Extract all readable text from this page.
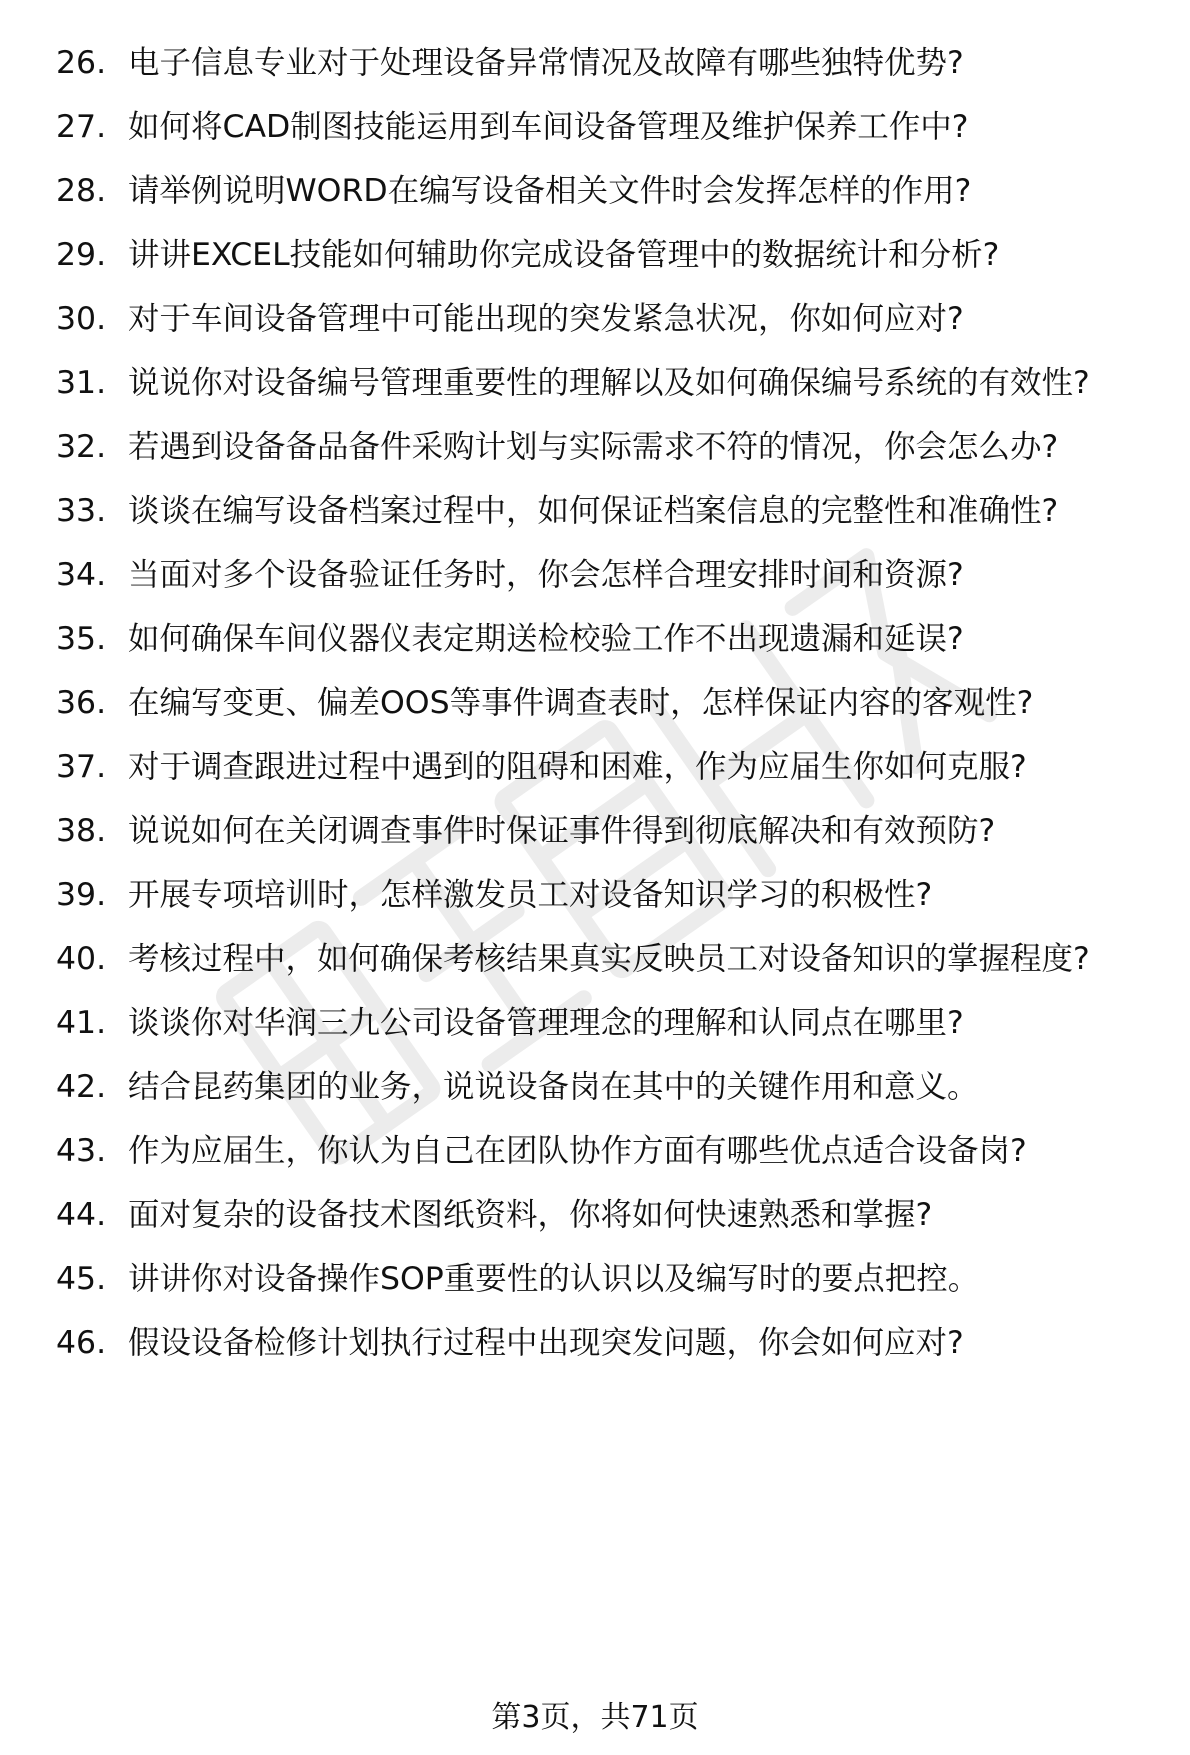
26. 电子信息专业对于处理设备异常情况及故障有哪些独特优势?
27. 如何将CAD制图技能运用到车间设备管理及维护保养工作中?
28. 请举例说明WORD在编写设备相关文件时会发挥怎样的作用?
29. 讲讲EXCEL技能如何辅助你完成设备管理中的数据统计和分析?
30. 对于车间设备管理中可能出现的突发紧急状况，你如何应对?
31. 说说你对设备编号管理重要性的理解以及如何确保编号系统的有效性?
32. 若遇到设备备品备件采购计划与实际需求不符的情况，你会怎么办?
33. 谈谈在编写设备档案过程中，如何保证档案信息的完整性和准确性?
34. 当面对多个设备验证任务时，你会怎样合理安排时间和资源?
35. 如何确保车间仪器仪表定期送检校验工作不出现遗漏和延误?
36. 在编写变更、偏差OOS等事件调查表时，怎样保证内容的客观性?
37. 对于调查跟进过程中遇到的阻碍和困难，作为应届生你如何克服?
38. 说说如何在关闭调查事件时保证事件得到彻底解决和有效预防?
39. 开展专项培训时，怎样激发员工对设备知识学习的积极性?
40. 考核过程中，如何确保考核结果真实反映员工对设备知识的掌握程度?
41. 谈谈你对华润三九公司设备管理理念的理解和认同点在哪里?
42. 结合昆药集团的业务，说说设备岗在其中的关键作用和意义。
43. 作为应届生，你认为自己在团队协作方面有哪些优点适合设备岗?
44. 面对复杂的设备技术图纸资料，你将如何快速熟悉和掌握?
45. 讲讲你对设备操作SOP重要性的认识以及编写时的要点把控。
46. 假设设备检修计划执行过程中出现突发问题，你会如何应对?
第3页，共71页
